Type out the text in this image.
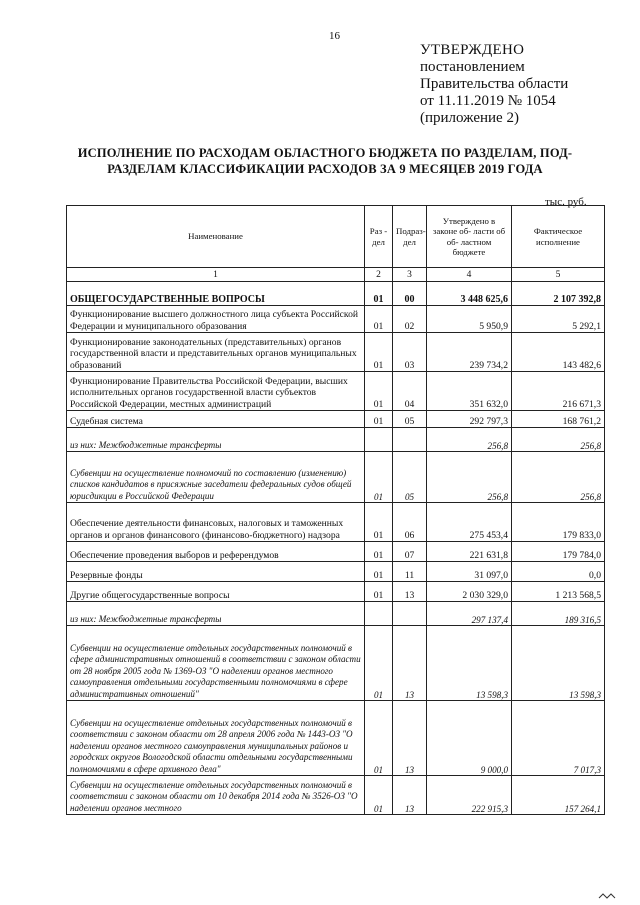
16
УТВЕРЖДЕНО
постановлением
Правительства области
от 11.11.2019 № 1054
(приложение 2)
ИСПОЛНЕНИЕ ПО РАСХОДАМ ОБЛАСТНОГО БЮДЖЕТА ПО РАЗДЕЛАМ, ПОД-
РАЗДЕЛАМ КЛАССИФИКАЦИИ РАСХОДОВ ЗА 9 МЕСЯЦЕВ 2019 ГОДА
тыс. руб.
Наименование	Раз - дел	Подраз- дел	Утверждено в законе об- ласти об об- ластном бюджете	Фактическое исполнение
1	2	3	4	5
ОБЩЕГОСУДАРСТВЕННЫЕ ВОПРОСЫ	01	00	3 448 625,6	2 107 392,8
Функционирование высшего должностного лица субъекта Российской Федерации и муниципального образования	01	02	5 950,9	5 292,1
Функционирование законодательных (представительных) органов государственной власти и представительных органов муниципальных образований	01	03	239 734,2	143 482,6
Функционирование Правительства Российской Федерации, высших исполнительных органов государственной власти субъектов Российской Федерации, местных администраций	01	04	351 632,0	216 671,3
Судебная система	01	05	292 797,3	168 761,2
из них: Межбюджетные трансферты			256,8	256,8
Субвенции на осуществление полномочий по составлению (изменению) списков кандидатов в присяжные заседатели федеральных судов общей юрисдикции в Российской Федерации	01	05	256,8	256,8
Обеспечение деятельности финансовых, налоговых и таможенных органов и органов финансового (финансово-бюджетного) надзора	01	06	275 453,4	179 833,0
Обеспечение проведения выборов и референдумов	01	07	221 631,8	179 784,0
Резервные фонды	01	11	31 097,0	0,0
Другие общегосударственные вопросы	01	13	2 030 329,0	1 213 568,5
из них: Межбюджетные трансферты			297 137,4	189 316,5
Субвенции на осуществление отдельных государственных полномочий в сфере административных отношений в соответствии с законом области от 28 ноября 2005 года № 1369-ОЗ "О наделении органов местного самоуправления отдельными государственными полномочиями в сфере административных отношений"	01	13	13 598,3	13 598,3
Субвенции на осуществление отдельных государственных полномочий в соответствии с законом области от 28 апреля 2006 года № 1443-ОЗ "О наделении органов местного самоуправления муниципальных районов и городских округов Вологодской области отдельными государственными полномочиями в сфере архивного дела"	01	13	9 000,0	7 017,3
Субвенции на осуществление отдельных государственных полномочий в соответствии с законом области от 10 декабря 2014 года № 3526-ОЗ "О наделении органов местного	01	13	222 915,3	157 264,1
